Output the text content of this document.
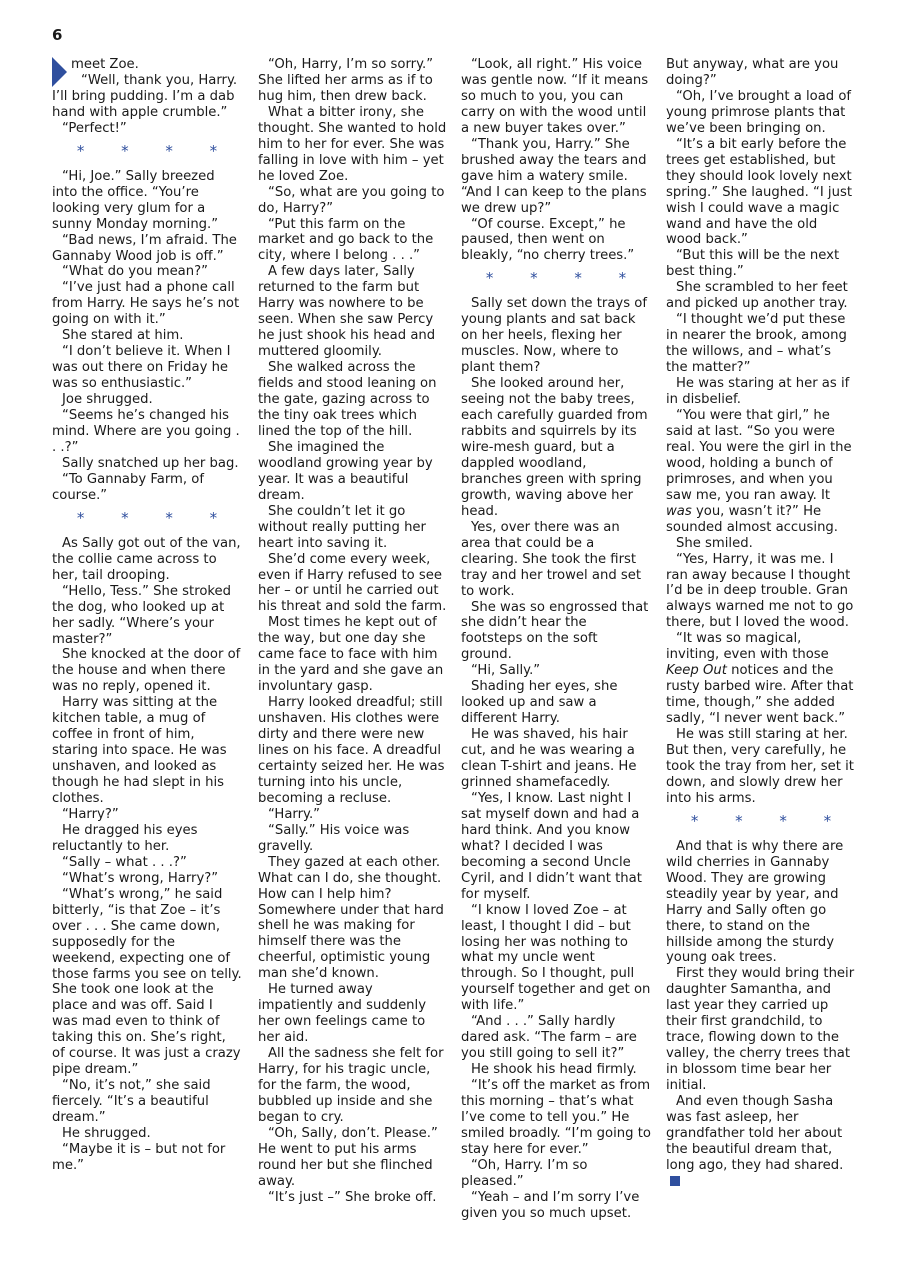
6

meet Zoe.

“Well, thank you, Harry. I’ll bring pudding. I’m a dab hand with apple crumble.”

“Perfect!”

* * * *

“Hi, Joe.” Sally breezed into the office. “You’re looking very glum for a sunny Monday morning.”

“Bad news, I’m afraid. The Gannaby Wood job is off.”

“What do you mean?”

“I’ve just had a phone call from Harry. He says he’s not going on with it.”

She stared at him.

“I don’t believe it. When I was out there on Friday he was so enthusiastic.”

Joe shrugged.

“Seems he’s changed his mind. Where are you going . . .?”

Sally snatched up her bag.

“To Gannaby Farm, of course.”

* * * *

As Sally got out of the van, the collie came across to her, tail drooping.

“Hello, Tess.” She stroked the dog, who looked up at her sadly. “Where’s your master?”

She knocked at the door of the house and when there was no reply, opened it.

Harry was sitting at the kitchen table, a mug of coffee in front of him, staring into space. He was unshaven, and looked as though he had slept in his clothes.

“Harry?”

He dragged his eyes reluctantly to her.

“Sally – what . . .?”

“What’s wrong, Harry?”

“What’s wrong,” he said bitterly, “is that Zoe – it’s over . . . She came down, supposedly for the weekend, expecting one of those farms you see on telly. She took one look at the place and was off. Said I was mad even to think of taking this on. She’s right, of course. It was just a crazy pipe dream.”

“No, it’s not,” she said fiercely. “It’s a beautiful dream.”

He shrugged.

“Maybe it is – but not for me.”

“Oh, Harry, I’m so sorry.” She lifted her arms as if to hug him, then drew back.

What a bitter irony, she thought. She wanted to hold him to her for ever. She was falling in love with him – yet he loved Zoe.

“So, what are you going to do, Harry?”

“Put this farm on the market and go back to the city, where I belong . . .”

A few days later, Sally returned to the farm but Harry was nowhere to be seen. When she saw Percy he just shook his head and muttered gloomily.

She walked across the fields and stood leaning on the gate, gazing across to the tiny oak trees which lined the top of the hill.

She imagined the woodland growing year by year. It was a beautiful dream.

She couldn’t let it go without really putting her heart into saving it.

She’d come every week, even if Harry refused to see her – or until he carried out his threat and sold the farm.

Most times he kept out of the way, but one day she came face to face with him in the yard and she gave an involuntary gasp.

Harry looked dreadful; still unshaven. His clothes were dirty and there were new lines on his face. A dreadful certainty seized her. He was turning into his uncle, becoming a recluse.

“Harry.”

“Sally.” His voice was gravelly.

They gazed at each other. What can I do, she thought. How can I help him? Somewhere under that hard shell he was making for himself there was the cheerful, optimistic young man she’d known.

He turned away impatiently and suddenly her own feelings came to her aid.

All the sadness she felt for Harry, for his tragic uncle, for the farm, the wood, bubbled up inside and she began to cry.

“Oh, Sally, don’t. Please.” He went to put his arms round her but she flinched away.

“It’s just –” She broke off.

“Look, all right.” His voice was gentle now. “If it means so much to you, you can carry on with the wood until a new buyer takes over.”

“Thank you, Harry.” She brushed away the tears and gave him a watery smile. “And I can keep to the plans we drew up?”

“Of course. Except,” he paused, then went on bleakly, “no cherry trees.”

* * * *

Sally set down the trays of young plants and sat back on her heels, flexing her muscles. Now, where to plant them?

She looked around her, seeing not the baby trees, each carefully guarded from rabbits and squirrels by its wire-mesh guard, but a dappled woodland, branches green with spring growth, waving above her head.

Yes, over there was an area that could be a clearing. She took the first tray and her trowel and set to work.

She was so engrossed that she didn’t hear the footsteps on the soft ground.

“Hi, Sally.”

Shading her eyes, she looked up and saw a different Harry.

He was shaved, his hair cut, and he was wearing a clean T-shirt and jeans. He grinned shamefacedly.

“Yes, I know. Last night I sat myself down and had a hard think. And you know what? I decided I was becoming a second Uncle Cyril, and I didn’t want that for myself.

“I know I loved Zoe – at least, I thought I did – but losing her was nothing to what my uncle went through. So I thought, pull yourself together and get on with life.”

“And . . .” Sally hardly dared ask. “The farm – are you still going to sell it?”

He shook his head firmly.

“It’s off the market as from this morning – that’s what I’ve come to tell you.” He smiled broadly. “I’m going to stay here for ever.”

“Oh, Harry. I’m so pleased.”

“Yeah – and I’m sorry I’ve given you so much upset.

But anyway, what are you doing?”

“Oh, I’ve brought a load of young primrose plants that we’ve been bringing on.

“It’s a bit early before the trees get established, but they should look lovely next spring.” She laughed. “I just wish I could wave a magic wand and have the old wood back.”

“But this will be the next best thing.”

She scrambled to her feet and picked up another tray.

“I thought we’d put these in nearer the brook, among the willows, and – what’s the matter?”

He was staring at her as if in disbelief.

“You were that girl,” he said at last. “So you were real. You were the girl in the wood, holding a bunch of primroses, and when you saw me, you ran away. It was you, wasn’t it?” He sounded almost accusing.

She smiled.

“Yes, Harry, it was me. I ran away because I thought I’d be in deep trouble. Gran always warned me not to go there, but I loved the wood.

“It was so magical, inviting, even with those Keep Out notices and the rusty barbed wire. After that time, though,” she added sadly, “I never went back.”

He was still staring at her. But then, very carefully, he took the tray from her, set it down, and slowly drew her into his arms.

* * * *

And that is why there are wild cherries in Gannaby Wood. They are growing steadily year by year, and Harry and Sally often go there, to stand on the hillside among the sturdy young oak trees.

First they would bring their daughter Samantha, and last year they carried up their first grandchild, to trace, flowing down to the valley, the cherry trees that in blossom time bear her initial.

And even though Sasha was fast asleep, her grandfather told her about the beautiful dream that, long ago, they had shared.
